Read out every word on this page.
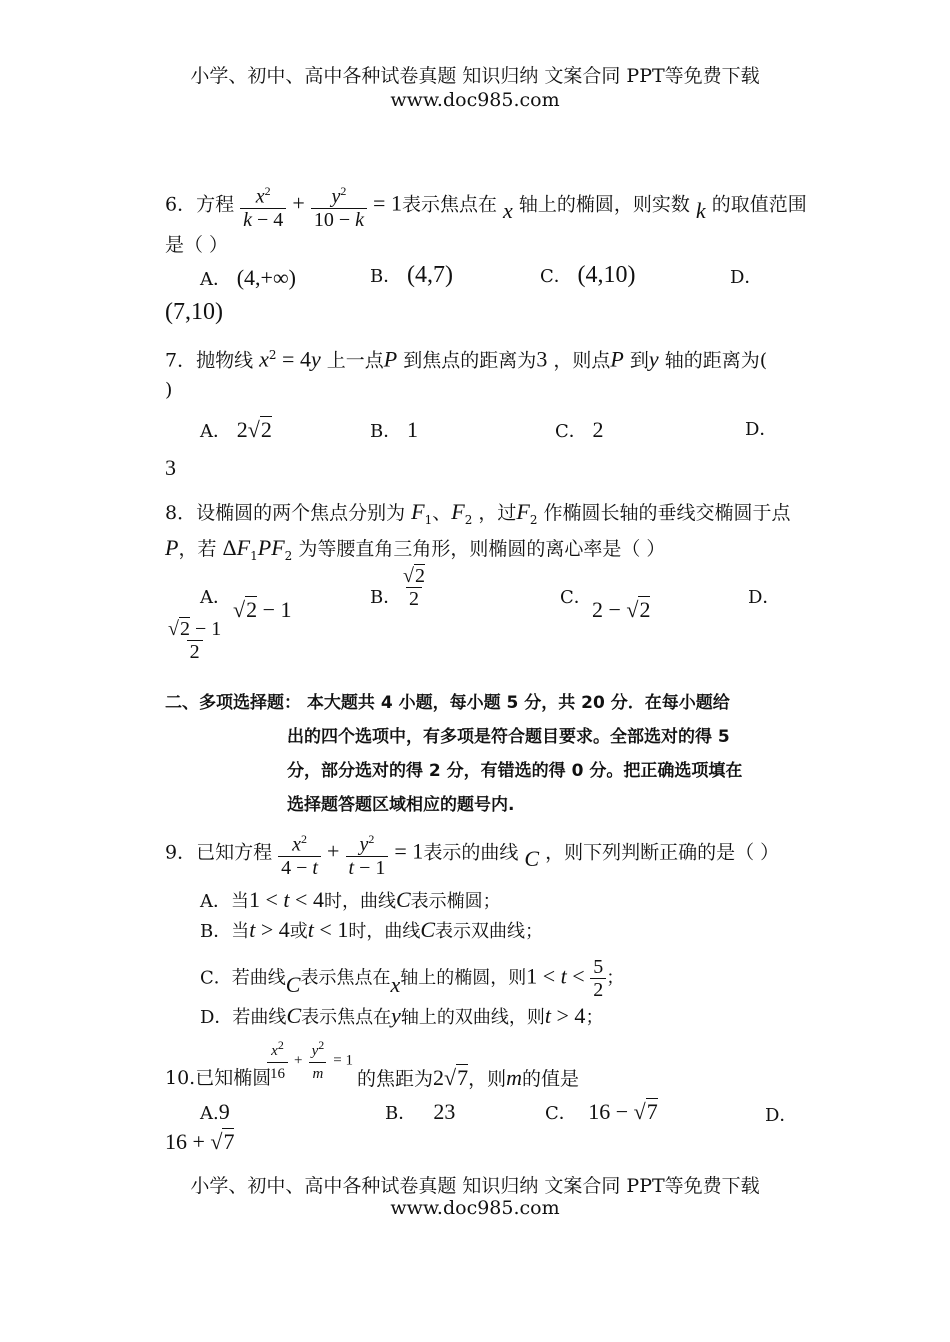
小学、初中、高中各种试卷真题 知识归纳 文案合同 PPT等免费下载
www.doc985.com
6．方程 $\frac{x^2}{k - 4} + \frac{y^2}{10 - k} = 1$表示焦点在 x 轴上的椭圆，则实数 k 的取值范围
是（ ）
A． (4,+∞)	B． (4,7)	C． (4,10)	D．
(7,10)
7．抛物线 $x^2 = 4y$ 上一点P 到焦点的距离为3 ，则点P 到y 轴的距离为(
)
A． 2√2	B． 1	C． 2	D．
3
8．设椭圆的两个焦点分别为 $F_1$、$F_2$ ，过$F_2$ 作椭圆长轴的垂线交椭圆于点
P，若 $\Delta F_1PF_2$ 为等腰直角三角形，则椭圆的离心率是（ ）
A． √2 − 1	B．
$\frac{√2}{2}$	C． 2 − √2	D．
$\frac{√2 - 1}{2}$
二、多项选择题： 本大题共 4 小题，每小题 5 分，共 20 分．在每小题给
出的四个选项中，有多项是符合题目要求。全部选对的得 5
分，部分选对的得 2 分，有错选的得 0 分。把正确选项填在
选择题答题区域相应的题号内.
9．已知方程 $\frac{x^2}{4 - t} + \frac{y^2}{t - 1} = 1$表示的曲线 C ，则下列判断正确的是（ ）
A．当1 < t < 4时，曲线C表示椭圆；
B．当t > 4或t < 1时，曲线C表示双曲线；
C．若曲线C表示焦点在x轴上的椭圆，则$1 < t < \frac{5}{2}$ ；
D．若曲线C表示焦点在y轴上的双曲线，则t > 4；
10.已知椭圆
$\frac{x^2}{16} + \frac{y^2}{m} = 1$
的焦距为2√7，则m的值是
A.9	B． 23	C． 16 − √7	D．
16 + √7
小学、初中、高中各种试卷真题 知识归纳 文案合同 PPT等免费下载
www.doc985.com
